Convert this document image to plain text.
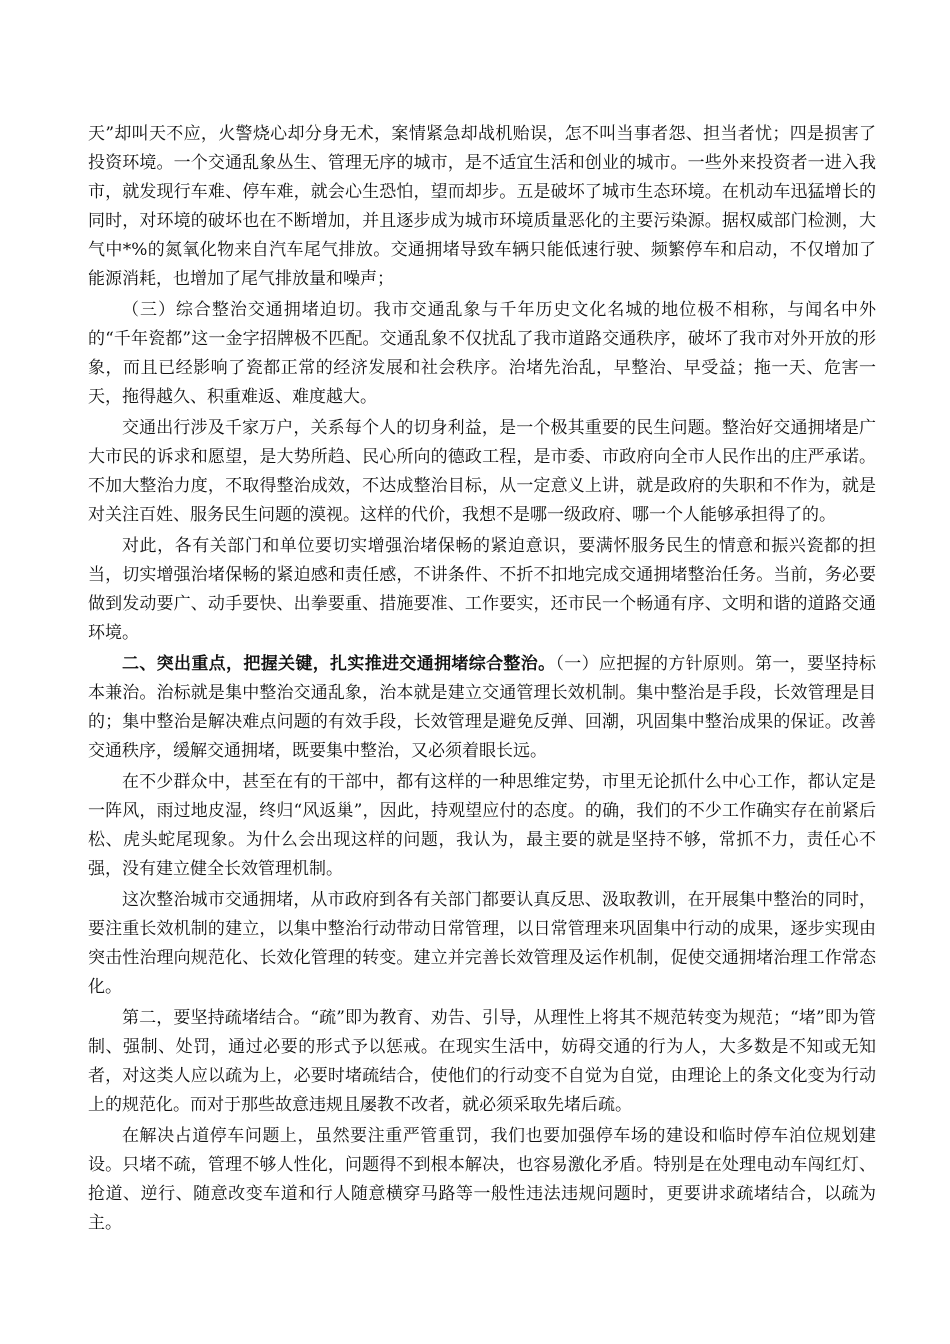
天”却叫天不应，火警烧心却分身无术，案情紧急却战机贻误，怎不叫当事者怨、担当者忧；四是损害了投资环境。一个交通乱象丛生、管理无序的城市，是不适宜生活和创业的城市。一些外来投资者一进入我市，就发现行车难、停车难，就会心生恐怕，望而却步。五是破坏了城市生态环境。在机动车迅猛增长的同时，对环境的破坏也在不断增加，并且逐步成为城市环境质量恶化的主要污染源。据权威部门检测，大气中*%的氮氧化物来自汽车尾气排放。交通拥堵导致车辆只能低速行驶、频繁停车和启动，不仅增加了能源消耗，也增加了尾气排放量和噪声；

（三）综合整治交通拥堵迫切。我市交通乱象与千年历史文化名城的地位极不相称，与闻名中外的“千年瓷都”这一金字招牌极不匹配。交通乱象不仅扰乱了我市道路交通秩序，破坏了我市对外开放的形象，而且已经影响了瓷都正常的经济发展和社会秩序。治堵先治乱，早整治、早受益；拖一天、危害一天，拖得越久、积重难返、难度越大。

交通出行涉及千家万户，关系每个人的切身利益，是一个极其重要的民生问题。整治好交通拥堵是广大市民的诉求和愿望，是大势所趋、民心所向的德政工程，是市委、市政府向全市人民作出的庄严承诺。不加大整治力度，不取得整治成效，不达成整治目标，从一定意义上讲，就是政府的失职和不作为，就是对关注百姓、服务民生问题的漠视。这样的代价，我想不是哪一级政府、哪一个人能够承担得了的。

对此，各有关部门和单位要切实增强治堵保畅的紧迫意识，要满怀服务民生的情意和振兴瓷都的担当，切实增强治堵保畅的紧迫感和责任感，不讲条件、不折不扣地完成交通拥堵整治任务。当前，务必要做到发动要广、动手要快、出拳要重、措施要准、工作要实，还市民一个畅通有序、文明和谐的道路交通环境。

二、突出重点，把握关键，扎实推进交通拥堵综合整治。（一）应把握的方针原则。第一，要坚持标本兼治。治标就是集中整治交通乱象，治本就是建立交通管理长效机制。集中整治是手段，长效管理是目的；集中整治是解决难点问题的有效手段，长效管理是避免反弹、回潮，巩固集中整治成果的保证。改善交通秩序，缓解交通拥堵，既要集中整治，又必须着眼长远。

在不少群众中，甚至在有的干部中，都有这样的一种思维定势，市里无论抓什么中心工作，都认定是一阵风，雨过地皮湿，终归“风返巢”，因此，持观望应付的态度。的确，我们的不少工作确实存在前紧后松、虎头蛇尾现象。为什么会出现这样的问题，我认为，最主要的就是坚持不够，常抓不力，责任心不强，没有建立健全长效管理机制。

这次整治城市交通拥堵，从市政府到各有关部门都要认真反思、汲取教训，在开展集中整治的同时，要注重长效机制的建立，以集中整治行动带动日常管理，以日常管理来巩固集中行动的成果，逐步实现由突击性治理向规范化、长效化管理的转变。建立并完善长效管理及运作机制，促使交通拥堵治理工作常态化。

第二，要坚持疏堵结合。“疏”即为教育、劝告、引导，从理性上将其不规范转变为规范；“堵”即为管制、强制、处罚，通过必要的形式予以惩戒。在现实生活中，妨碍交通的行为人，大多数是不知或无知者，对这类人应以疏为上，必要时堵疏结合，使他们的行动变不自觉为自觉，由理论上的条文化变为行动上的规范化。而对于那些故意违规且屡教不改者，就必须采取先堵后疏。

在解决占道停车问题上，虽然要注重严管重罚，我们也要加强停车场的建设和临时停车泊位规划建设。只堵不疏，管理不够人性化，问题得不到根本解决，也容易激化矛盾。特别是在处理电动车闯红灯、抢道、逆行、随意改变车道和行人随意横穿马路等一般性违法违规问题时，更要讲求疏堵结合，以疏为主。
